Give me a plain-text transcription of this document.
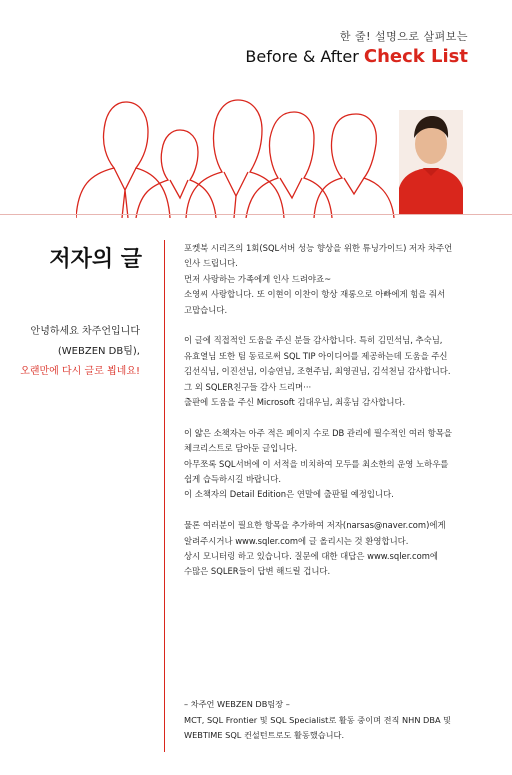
한 줄! 설명으로 살펴보는
Before & After Check List
저자의 글
안녕하세요 차주언입니다
(WEBZEN DB팀),
오랜만에 다시 글로 뵙네요!

포켓북 시리즈의 1회(SQL서버 성능 향상을 위한 튜닝가이드) 저자 차주언
인사 드립니다.
먼저 사랑하는 가족에게 인사 드려야죠~
소영씨 사랑합니다. 또 이현이 이찬이 항상 재롱으로 아빠에게 힘을 줘서
고맙습니다.

이 글에 직접적인 도움을 주신 분들 감사합니다. 특히 김민석님, 추숙님,
유효열님 또한 팀 동료로써 SQL TIP 아이디어를 제공하는데 도움을 주신
김선식님, 이진선님, 이승연님, 조현주님, 최영권님, 김석천님 감사합니다.
그 외 SQLER친구들 감사 드리며···
출판에 도움을 주신 Microsoft 김대우님, 최홍님 감사합니다.

이 얇은 소책자는 아주 적은 페이지 수로 DB 관리에 필수적인 여러 항목을
체크리스트로 담아둔 글입니다.
아무쪼록 SQL서버에 이 서적을 비치하여 모두를 최소한의 운영 노하우를
쉽게 습득하시길 바랍니다.
이 소책자의 Detail Edition은 연말에 출판될 예정입니다.

물론 여러분이 필요한 항목을 추가하여 저자(narsas@naver.com)에게
알려주시거나 www.sqler.com에 글 올리시는 것 환영합니다.
상시 모니터링 하고 있습니다. 질문에 대한 대답은 www.sqler.com에
수많은 SQLER들이 답변 해드릴 겁니다.

– 차주언 WEBZEN DB팀장 –
MCT, SQL Frontier 및 SQL Specialist로 활동 중이며 전직 NHN DBA 및
WEBTIME SQL 컨설턴트로도 활동했습니다.
